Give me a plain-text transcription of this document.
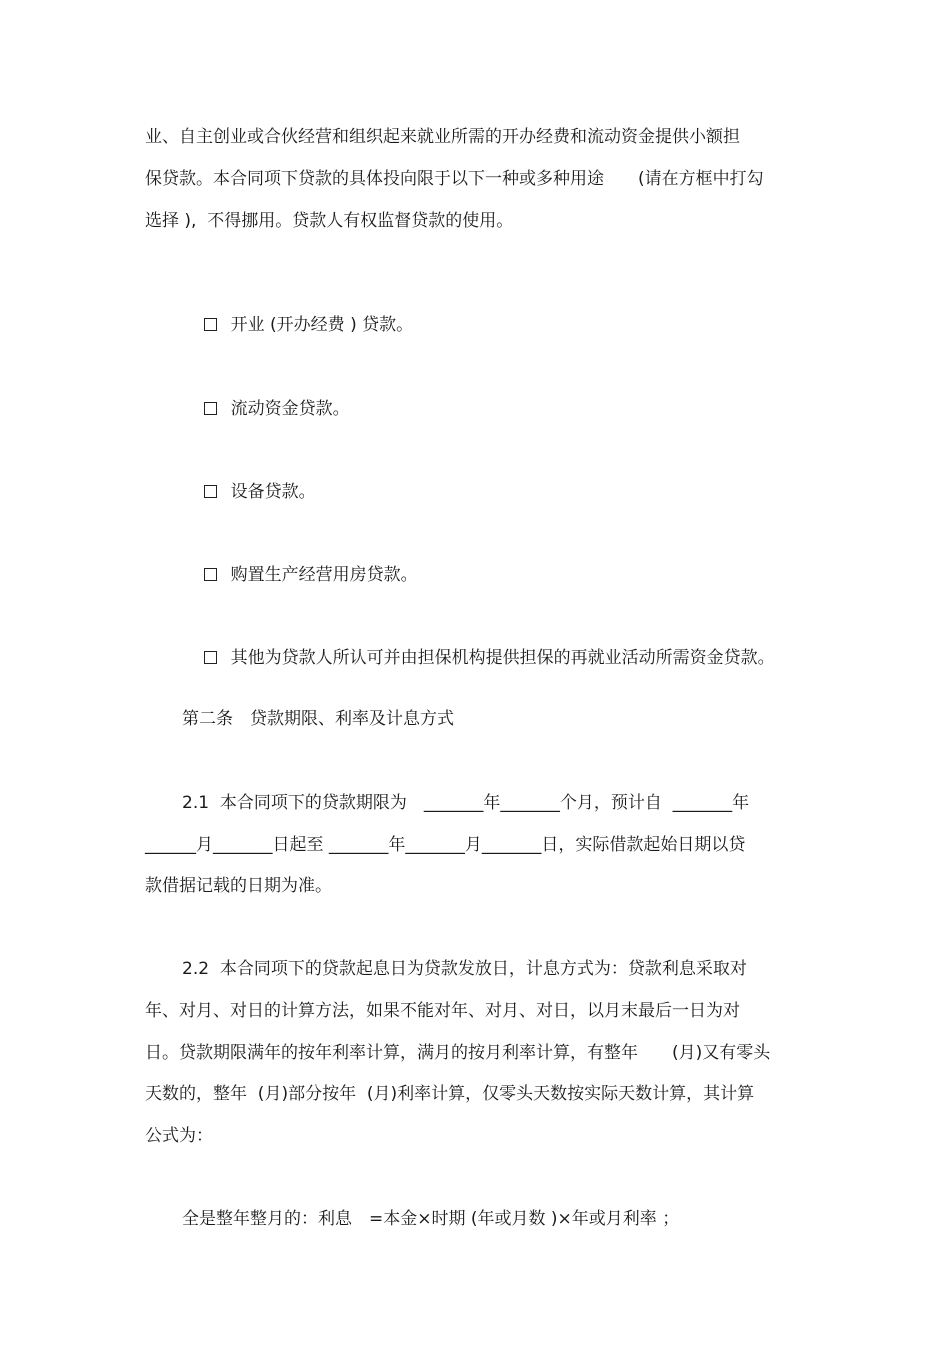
业、自主创业或合伙经营和组织起来就业所需的开办经费和流动资金提供小额担
保贷款。本合同项下贷款的具体投向限于以下一种或多种用途　　(请在方框中打勾
选择 ),  不得挪用。贷款人有权监督贷款的使用。

开业 (开办经费 ) 贷款。

流动资金贷款。

设备贷款。

购置生产经营用房贷款。

其他为贷款人所认可并由担保机构提供担保的再就业活动所需资金贷款。

第二条　贷款期限、利率及计息方式
2.1  本合同项下的贷款期限为　_______年_______个月，预计自  _______年
______月_______日起至 _______年_______月_______日，实际借款起始日期以贷
款借据记载的日期为准。
2.2  本合同项下的贷款起息日为贷款发放日，计息方式为：贷款利息采取对
年、对月、对日的计算方法，如果不能对年、对月、对日，以月末最后一日为对
日。贷款期限满年的按年利率计算，满月的按月利率计算，有整年　　(月)又有零头
天数的，整年  (月)部分按年  (月)利率计算，仅零头天数按实际天数计算，其计算
公式为：
全是整年整月的：利息　=本金×时期 (年或月数 )×年或月利率 ；
